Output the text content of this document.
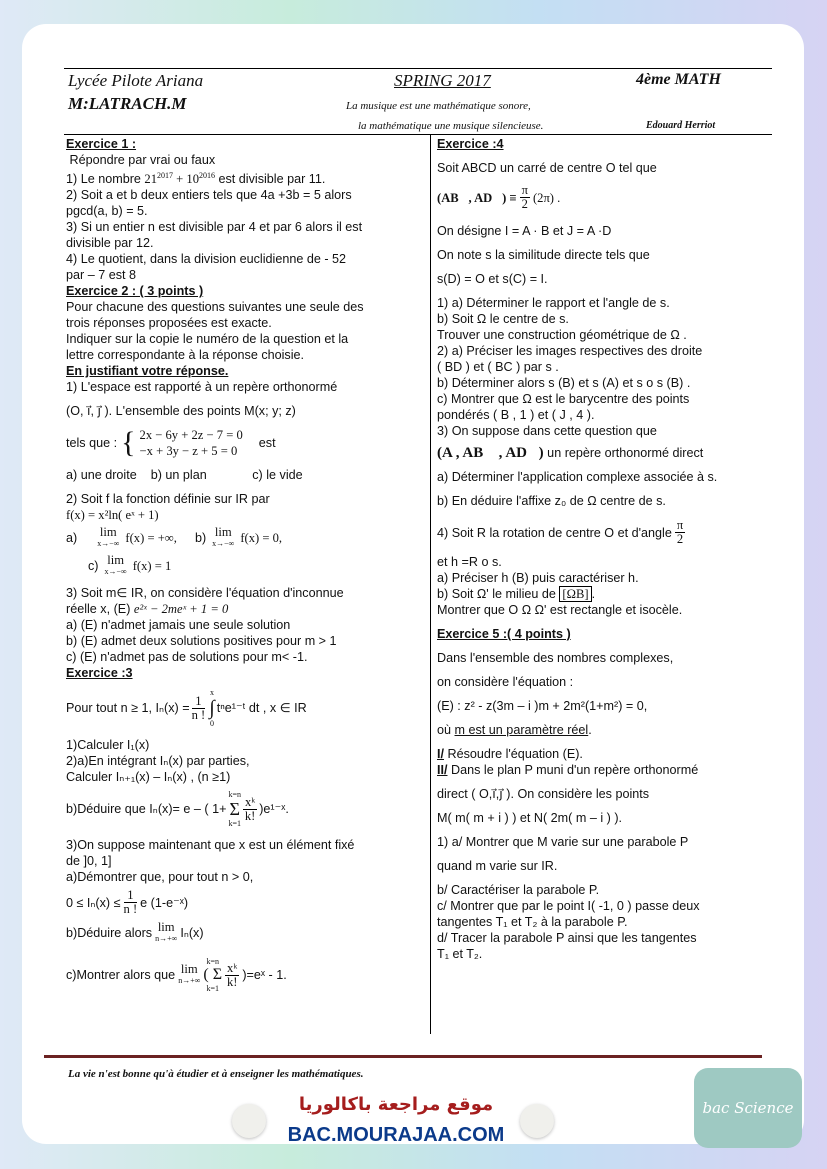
Lycée Pilote Ariana	SPRING 2017	4ème MATH
M:LATRACH.M	La musique est une mathématique sonore,
la mathématique une musique silencieuse.	Edouard Herriot

Exercice 1 :

Répondre par vrai ou faux

1) Le nombre $21^{2017} + 10^{2016}$ est divisible par 11.

2) Soit a et b deux entiers tels que 4a +3b = 5 alors

pgcd(a, b) = 5.

3) Si un entier n est divisible par 4 et par 6 alors il est

divisible par 12.

4) Le quotient, dans la division euclidienne de - 52

par – 7 est 8

Exercice 2 : ( 3 points )

Pour chacune des questions suivantes une seule des

trois réponses proposées est exacte.

Indiquer sur la copie le numéro de la question et la

lettre correspondante à la réponse choisie.

En justifiant votre réponse.

1) L'espace est rapporté à un repère orthonormé

(O, ı⃗, ȷ⃗ ). L'ensemble des points M(x; y; z)

tels que : { 2x − 6y + 2z − 7 = 0
−x + 3y − z + 5 = 0
est

a) une droite b) un plan	c) le vide

2) Soit f la fonction définie sur IR par

f(x) = x²ln( eˣ + 1)

a) lim
x→−∞ f(x) = +∞, b) lim
x→−∞ f(x) = 0,
c) lim
x→−∞ f(x) = 1

3) Soit m∈ IR, on considère l'équation d'inconnue

réelle x, (E) e²ˣ − 2meˣ + 1 = 0

a) (E) n'admet jamais une seule solution

b) (E) admet deux solutions positives pour m > 1

c) (E) n'admet pas de solutions pour m< -1.

Exercice :3

Pour tout n ≥ 1, $I_n(x) = \frac{1}{n !}$
x
∫
0
tⁿe¹⁻ᵗ dt , x ∈ IR

1)Calculer I₁(x)

2)a)En intégrant Iₙ(x) par parties,

Calculer Iₙ₊₁(x) – Iₙ(x) , (n ≥1)

b)Déduire que Iₙ(x)= e – ( 1+
k=n
Σ
k=1
$\frac{\text{xᵏ}}{k!}$ )e¹⁻ˣ.

3)On suppose maintenant que x est un élément fixé

de ]0, 1]

a)Démontrer que, pour tout n > 0,

$0 \le I_n(x) \le \frac{1}{n !}$ e (1-e⁻ˣ)
b)Déduire alors lim
n→+∞ Iₙ(x)
c)Montrer alors que lim
n→+∞
k=n
( Σ
$k=1 \frac{\text{xᵏ}}{k!}$ )=eˣ - 1.

Exercice :4

Soit ABCD un carré de centre O tel que

(AB⃗, AD⃗) ≡ $\frac{\pi}{2} (2\pi)$ .

On désigne I = A · B et J = A ·D

On note s la similitude directe tels que

s(D) = O et s(C) = I.

1) a) Déterminer le rapport et l'angle de s.

b) Soit Ω le centre de s.

Trouver une construction géométrique de Ω .

2) a) Préciser les images respectives des droite

( BD ) et ( BC ) par s .

b) Déterminer alors s (B) et s (A) et s o s (B) .

c) Montrer que Ω est le barycentre des points

pondérés ( B , 1 ) et ( J , 4 ).

3) On suppose dans cette question que

(A , AB⃗ , AD⃗) un repère orthonormé direct

a) Déterminer l'application complexe associée à s.

b) En déduire l'affixe z₀ de Ω centre de s.

4) Soit R la rotation de centre O et d'angle $\frac{\pi}{2}$

et h =R o s.

a) Préciser h (B) puis caractériser h.

b) Soit Ω' le milieu de [ΩB] .

Montrer que O Ω Ω' est rectangle et isocèle.

Exercice 5 :( 4 points )

Dans l'ensemble des nombres complexes,

on considère l'équation :

(E) : z² - z(3m – i )m + 2m²(1+m²) = 0,

où m est un paramètre réel.

I/ Résoudre l'équation (E).

II/ Dans le plan P muni d'un repère orthonormé

direct ( O,ı⃗,ȷ⃗ ). On considère les points

M( m( m + i ) ) et N( 2m( m – i ) ).

1) a/ Montrer que M varie sur une parabole P

quand m varie sur IR.

b/ Caractériser la parabole P.

c/ Montrer que par le point I( -1, 0 ) passe deux

tangentes T₁ et T₂ à la parabole P.

d/ Tracer la parabole P ainsi que les tangentes

T₁ et T₂.

La vie n'est bonne qu'à étudier et à enseigner les mathématiques.
موقع مراجعة باكالوريا
BAC.MOURAJAA.COM
bac Science
